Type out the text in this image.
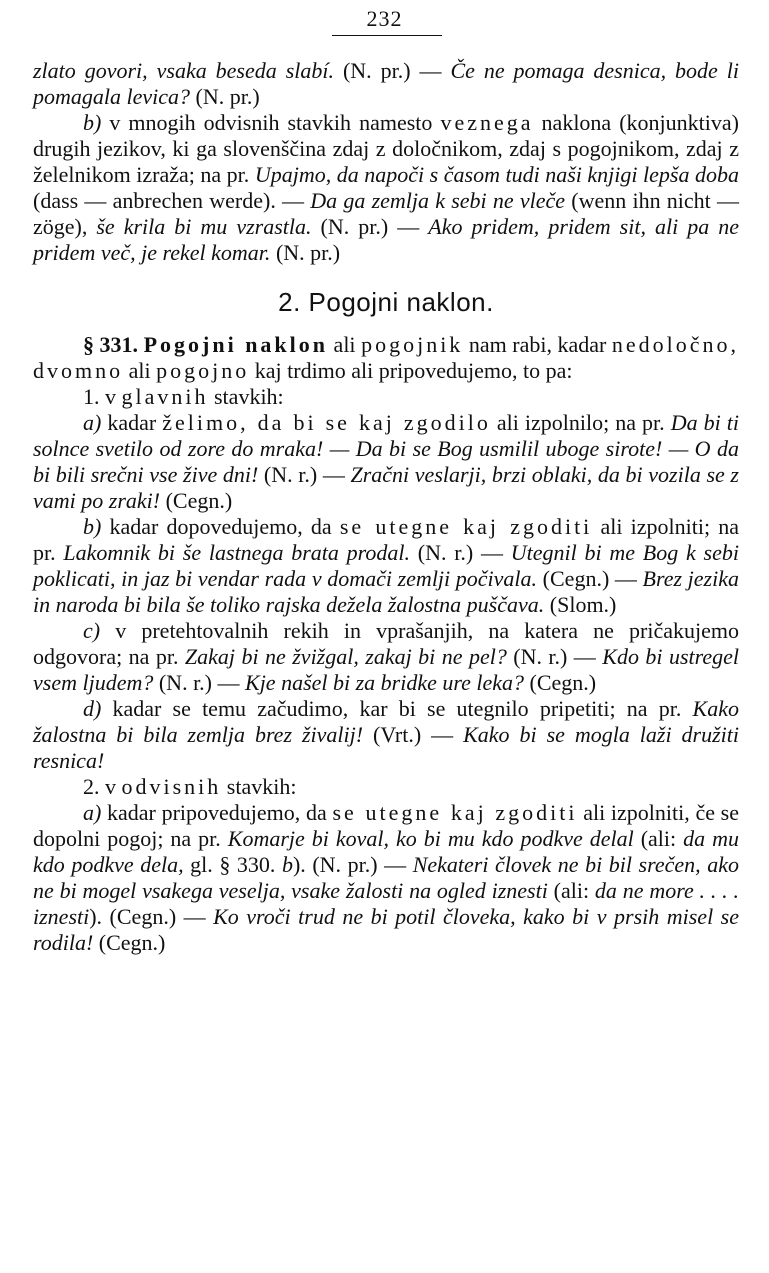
232

zlato govori, vsaka beseda slabí. (N. pr.) — Če ne pomaga desnica, bode li pomagala levica? (N. pr.)

b) v mnogih odvisnih stavkih namesto veznega naklona (konjunktiva) drugih jezikov, ki ga slovenščina zdaj z določnikom, zdaj s pogojnikom, zdaj z želelnikom izraža; na pr. Upajmo, da napoči s časom tudi naši knjigi lepša doba (dass — anbrechen werde). — Da ga zemlja k sebi ne vleče (wenn ihn nicht — zöge), še krila bi mu vzrastla. (N. pr.) — Ako pridem, pridem sit, ali pa ne pridem več, je rekel komar. (N. pr.)

2. Pogojni naklon.

§ 331. Pogojni naklon ali pogojnik nam rabi, kadar nedoločno, dvomno ali pogojno kaj trdimo ali pripovedujemo, to pa:

1. v glavnih stavkih:

a) kadar želimo, da bi se kaj zgodilo ali izpolnilo; na pr. Da bi ti solnce svetilo od zore do mraka! — Da bi se Bog usmilil uboge sirote! — O da bi bili srečni vse žive dni! (N. r.) — Zračni veslarji, brzi oblaki, da bi vozila se z vami po zraki! (Cegn.)

b) kadar dopovedujemo, da se utegne kaj zgoditi ali izpolniti; na pr. Lakomnik bi še lastnega brata prodal. (N. r.) — Utegnil bi me Bog k sebi poklicati, in jaz bi vendar rada v domači zemlji počivala. (Cegn.) — Brez jezika in naroda bi bila še toliko rajska dežela žalostna puščava. (Slom.)

c) v pretehtovalnih rekih in vprašanjih, na katera ne pričakujemo odgovora; na pr. Zakaj bi ne žvižgal, zakaj bi ne pel? (N. r.) — Kdo bi ustregel vsem ljudem? (N. r.) — Kje našel bi za bridke ure leka? (Cegn.)

d) kadar se temu začudimo, kar bi se utegnilo pripetiti; na pr. Kako žalostna bi bila zemlja brez živalij! (Vrt.) — Kako bi se mogla laži družiti resnica!

2. v odvisnih stavkih:

a) kadar pripovedujemo, da se utegne kaj zgoditi ali izpolniti, če se dopolni pogoj; na pr. Komarje bi koval, ko bi mu kdo podkve delal (ali: da mu kdo podkve dela, gl. § 330. b). (N. pr.) — Nekateri človek ne bi bil srečen, ako ne bi mogel vsakega veselja, vsake žalosti na ogled iznesti (ali: da ne more . . . . iznesti). (Cegn.) — Ko vroči trud ne bi potil človeka, kako bi v prsih misel se rodila! (Cegn.)
